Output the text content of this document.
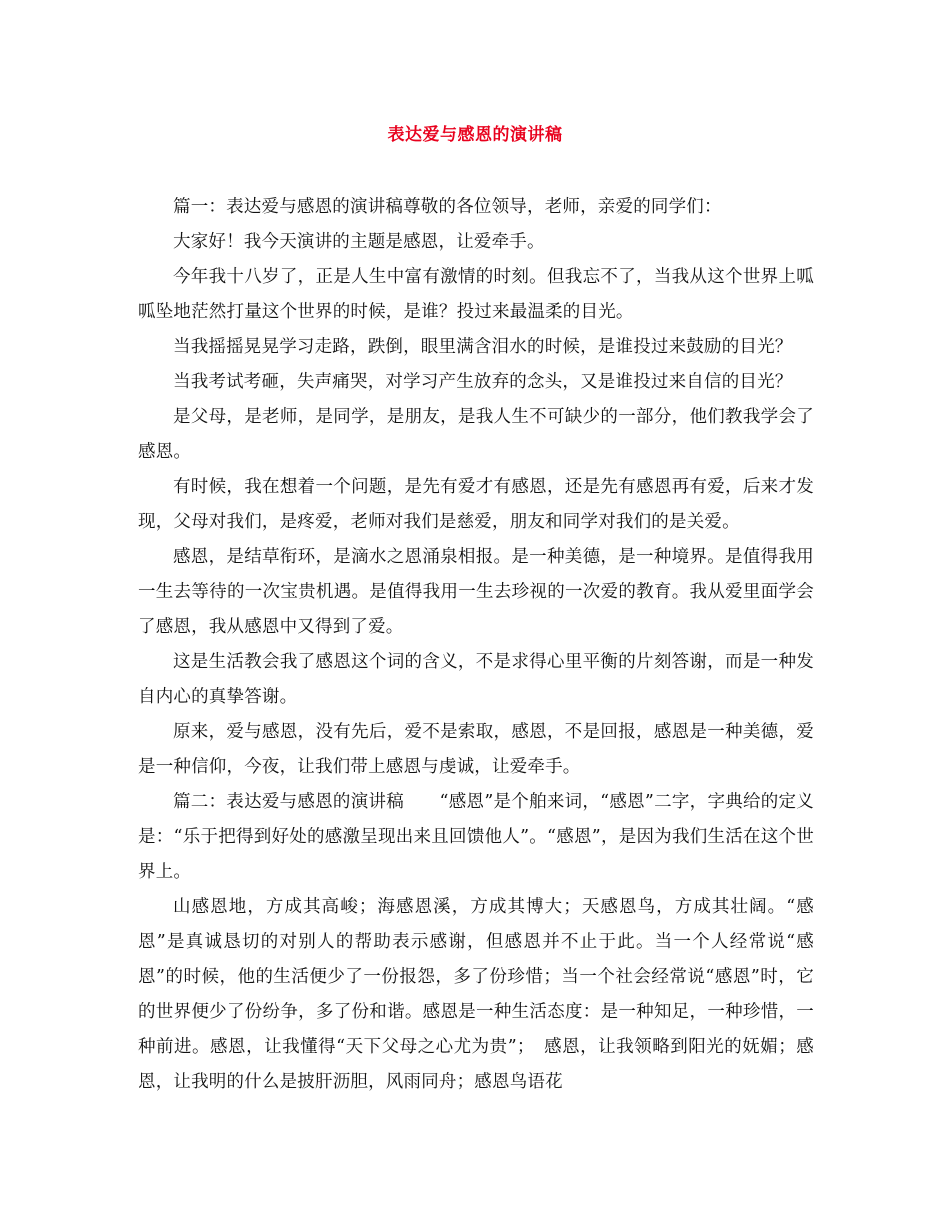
表达爱与感恩的演讲稿

篇一：表达爱与感恩的演讲稿尊敬的各位领导，老师，亲爱的同学们：

大家好！我今天演讲的主题是感恩，让爱牵手。

今年我十八岁了，正是人生中富有激情的时刻。但我忘不了，当我从这个世界上呱呱坠地茫然打量这个世界的时候，是谁？投过来最温柔的目光。

当我摇摇晃晃学习走路，跌倒，眼里满含泪水的时候，是谁投过来鼓励的目光？

当我考试考砸，失声痛哭，对学习产生放弃的念头，又是谁投过来自信的目光？

是父母，是老师，是同学，是朋友，是我人生不可缺少的一部分，他们教我学会了感恩。

有时候，我在想着一个问题，是先有爱才有感恩，还是先有感恩再有爱，后来才发现，父母对我们，是疼爱，老师对我们是慈爱，朋友和同学对我们的是关爱。

感恩，是结草衔环，是滴水之恩涌泉相报。是一种美德，是一种境界。是值得我用一生去等待的一次宝贵机遇。是值得我用一生去珍视的一次爱的教育。我从爱里面学会了感恩，我从感恩中又得到了爱。

这是生活教会我了感恩这个词的含义，不是求得心里平衡的片刻答谢，而是一种发自内心的真挚答谢。

原来，爱与感恩，没有先后，爱不是索取，感恩，不是回报，感恩是一种美德，爱是一种信仰，今夜，让我们带上感恩与虔诚，让爱牵手。

篇二：表达爱与感恩的演讲稿　　“感恩”是个舶来词，“感恩”二字，字典给的定义是：“乐于把得到好处的感激呈现出来且回馈他人”。“感恩”，是因为我们生活在这个世界上。

山感恩地，方成其高峻；海感恩溪，方成其博大；天感恩鸟，方成其壮阔。“感恩”是真诚恳切的对别人的帮助表示感谢，但感恩并不止于此。当一个人经常说“感恩”的时候，他的生活便少了一份报怨，多了份珍惜；当一个社会经常说“感恩”时，它的世界便少了份纷争，多了份和谐。感恩是一种生活态度：是一种知足，一种珍惜，一种前进。感恩，让我懂得“天下父母之心尤为贵”；　感恩，让我领略到阳光的妩媚；感恩，让我明的什么是披肝沥胆，风雨同舟；感恩鸟语花
